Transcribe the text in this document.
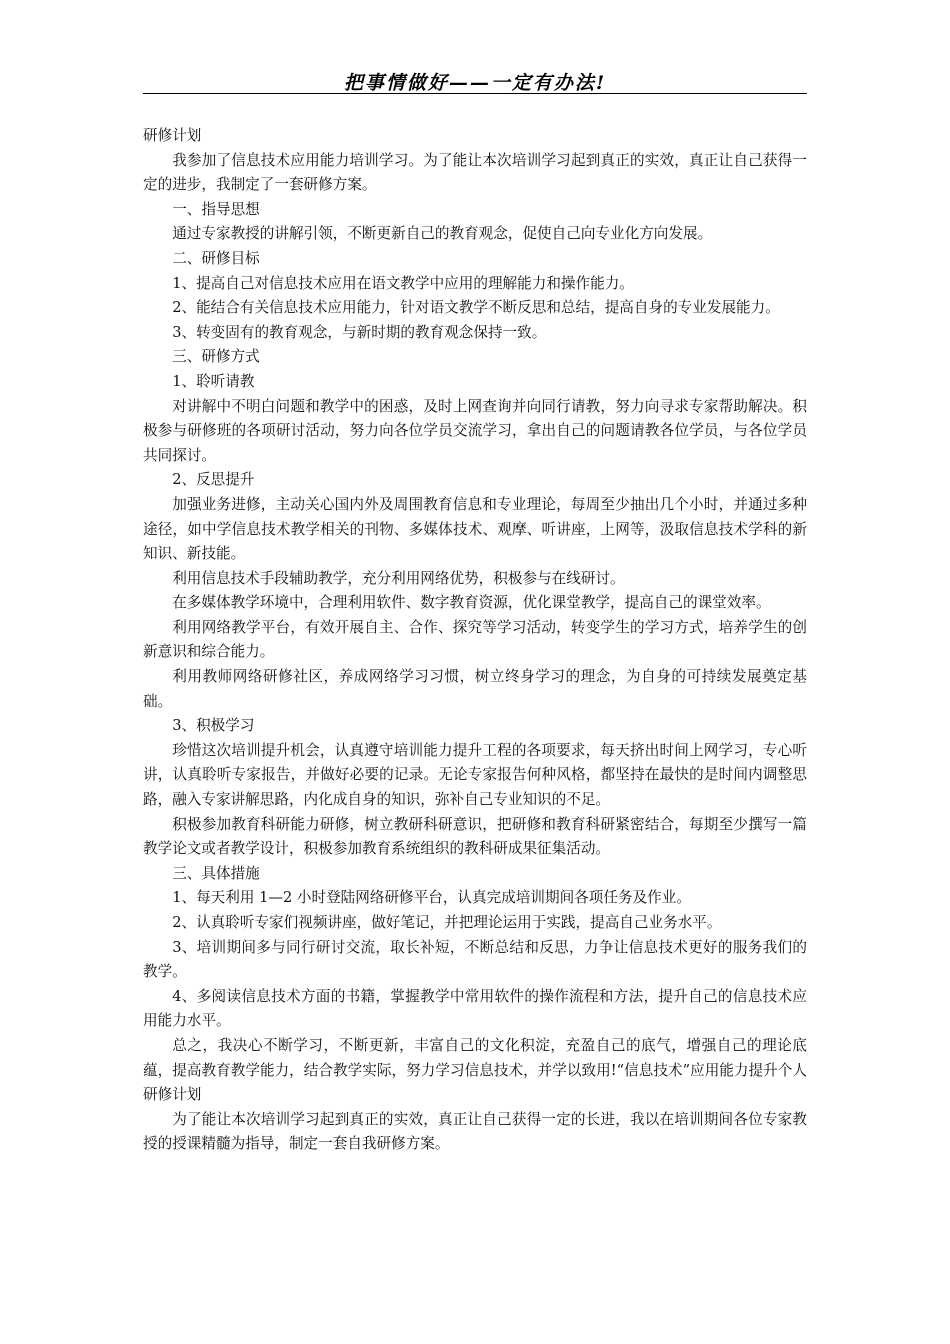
把事情做好——一定有办法!

研修计划

我参加了信息技术应用能力培训学习。为了能让本次培训学习起到真正的实效，真正让自己获得一定的进步，我制定了一套研修方案。

一、指导思想

通过专家教授的讲解引领，不断更新自己的教育观念，促使自己向专业化方向发展。

二、研修目标

1、提高自己对信息技术应用在语文教学中应用的理解能力和操作能力。

2、能结合有关信息技术应用能力，针对语文教学不断反思和总结，提高自身的专业发展能力。

3、转变固有的教育观念，与新时期的教育观念保持一致。

三、研修方式

1、聆听请教

对讲解中不明白问题和教学中的困惑，及时上网查询并向同行请教，努力向寻求专家帮助解决。积极参与研修班的各项研讨活动，努力向各位学员交流学习，拿出自己的问题请教各位学员，与各位学员共同探讨。

2、反思提升

加强业务进修，主动关心国内外及周围教育信息和专业理论，每周至少抽出几个小时，并通过多种途径，如中学信息技术教学相关的刊物、多媒体技术、观摩、听讲座，上网等，汲取信息技术学科的新知识、新技能。

利用信息技术手段辅助教学，充分利用网络优势，积极参与在线研讨。

在多媒体教学环境中，合理利用软件、数字教育资源，优化课堂教学，提高自己的课堂效率。

利用网络教学平台，有效开展自主、合作、探究等学习活动，转变学生的学习方式，培养学生的创新意识和综合能力。

利用教师网络研修社区，养成网络学习习惯，树立终身学习的理念，为自身的可持续发展奠定基础。

3、积极学习

珍惜这次培训提升机会，认真遵守培训能力提升工程的各项要求，每天挤出时间上网学习，专心听讲，认真聆听专家报告，并做好必要的记录。无论专家报告何种风格，都坚持在最快的是时间内调整思路，融入专家讲解思路，内化成自身的知识，弥补自己专业知识的不足。

积极参加教育科研能力研修，树立教研科研意识，把研修和教育科研紧密结合，每期至少撰写一篇教学论文或者教学设计，积极参加教育系统组织的教科研成果征集活动。

三、具体措施

1、每天利用 1—2 小时登陆网络研修平台，认真完成培训期间各项任务及作业。

2、认真聆听专家们视频讲座，做好笔记，并把理论运用于实践，提高自己业务水平。

3、培训期间多与同行研讨交流，取长补短，不断总结和反思，力争让信息技术更好的服务我们的教学。

4、多阅读信息技术方面的书籍，掌握教学中常用软件的操作流程和方法，提升自己的信息技术应用能力水平。

总之，我决心不断学习，不断更新，丰富自己的文化积淀，充盈自己的底气，增强自己的理论底蕴，提高教育教学能力，结合教学实际，努力学习信息技术，并学以致用!“信息技术”应用能力提升个人研修计划

为了能让本次培训学习起到真正的实效，真正让自己获得一定的长进，我以在培训期间各位专家教授的授课精髓为指导，制定一套自我研修方案。
